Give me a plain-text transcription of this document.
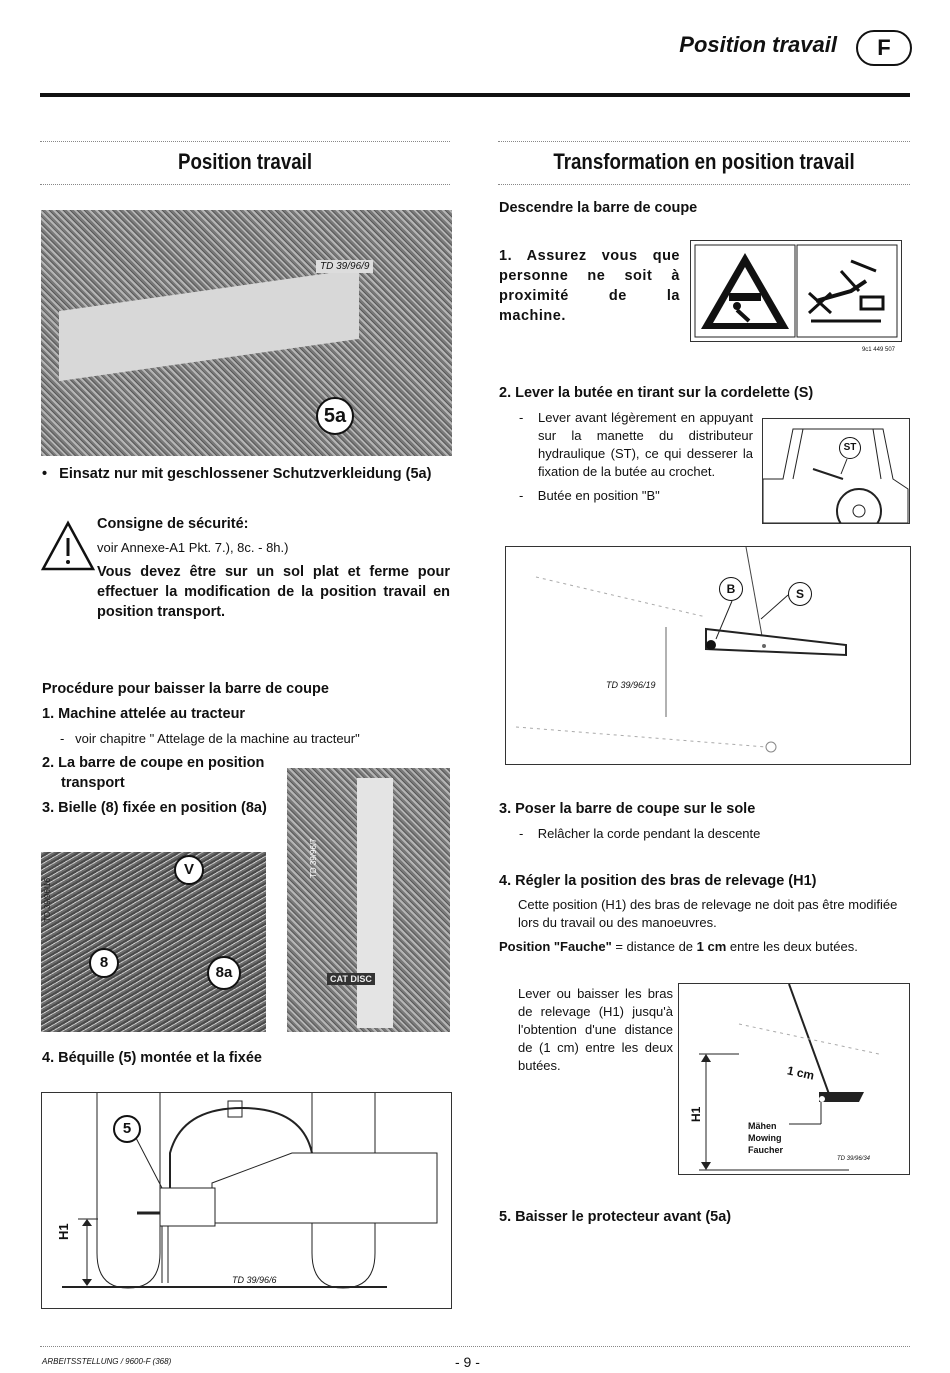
Position travail	F
Position travail
TD 39/96/9
5a
•   Einsatz nur mit geschlossener Schutzverkleidung (5a)
Consigne de sécurité:
voir Annexe-A1 Pkt. 7.), 8c. - 8h.)
Vous devez être sur un sol plat et ferme pour effectuer la modification de la position travail en position transport.
Procédure pour baisser la barre de coupe
1. Machine attelée au tracteur
-   voir chapitre " Attelage de la machine au tracteur"
2. La barre de coupe en position
transport
3. Bielle (8) fixée en position (8a)
V
8
8a
TD 39/96/16
CAT DISC
TD 39/96/7
4. Béquille (5) montée et la fixée
5
H1
TD 39/96/6
Transformation en position travail
Descendre la barre de coupe
1. Assurez vous que personne ne soit à proximité de la machine.
9c1 449 507
2. Lever la butée en tirant sur la cordelette (S)
-	Lever avant légèrement en appuyant sur la manette du distributeur hydraulique (ST), ce qui desserer la fixation de la butée au crochet.
-    Butée en position "B"
ST
B	S
TD 39/96/19
3. Poser la barre de coupe sur le sole
-    Relâcher la corde pendant la descente
4. Régler la position des bras de relevage (H1)
Cette position (H1) des bras de relevage ne doit pas être modifiée lors du travail ou des manoeuvres.
Position "Fauche" = distance de 1 cm entre les deux butées.
Lever ou baisser les bras de relevage (H1) jusqu'à l'obtention d'une distance de (1 cm) entre les deux butées.	1 cm
H1
Mähen
Mowing
Faucher
TD 39/96/34
5. Baisser le protecteur avant (5a)
ARBEITSSTELLUNG / 9600-F (368)	- 9 -
